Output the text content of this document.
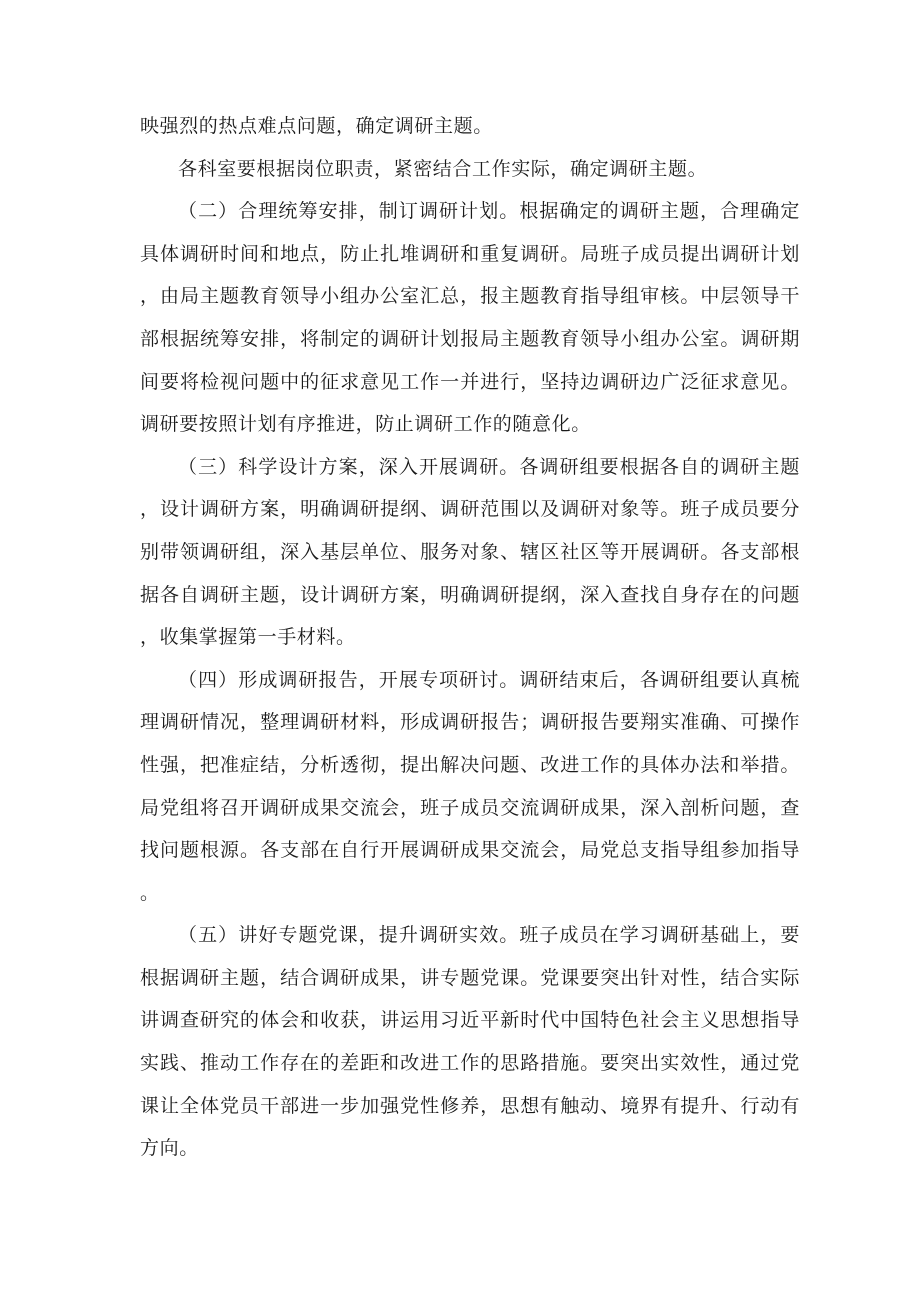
映强烈的热点难点问题，确定调研主题。

各科室要根据岗位职责，紧密结合工作实际，确定调研主题。

（二）合理统筹安排，制订调研计划。根据确定的调研主题，合理确定具体调研时间和地点，防止扎堆调研和重复调研。局班子成员提出调研计划，由局主题教育领导小组办公室汇总，报主题教育指导组审核。中层领导干部根据统筹安排，将制定的调研计划报局主题教育领导小组办公室。调研期间要将检视问题中的征求意见工作一并进行，坚持边调研边广泛征求意见。调研要按照计划有序推进，防止调研工作的随意化。

（三）科学设计方案，深入开展调研。各调研组要根据各自的调研主题，设计调研方案，明确调研提纲、调研范围以及调研对象等。班子成员要分别带领调研组，深入基层单位、服务对象、辖区社区等开展调研。各支部根据各自调研主题，设计调研方案，明确调研提纲，深入查找自身存在的问题，收集掌握第一手材料。

（四）形成调研报告，开展专项研讨。调研结束后，各调研组要认真梳理调研情况，整理调研材料，形成调研报告；调研报告要翔实准确、可操作性强，把准症结，分析透彻，提出解决问题、改进工作的具体办法和举措。局党组将召开调研成果交流会，班子成员交流调研成果，深入剖析问题，查找问题根源。各支部在自行开展调研成果交流会，局党总支指导组参加指导。

（五）讲好专题党课，提升调研实效。班子成员在学习调研基础上，要根据调研主题，结合调研成果，讲专题党课。党课要突出针对性，结合实际讲调查研究的体会和收获，讲运用习近平新时代中国特色社会主义思想指导实践、推动工作存在的差距和改进工作的思路措施。要突出实效性，通过党课让全体党员干部进一步加强党性修养，思想有触动、境界有提升、行动有方向。
